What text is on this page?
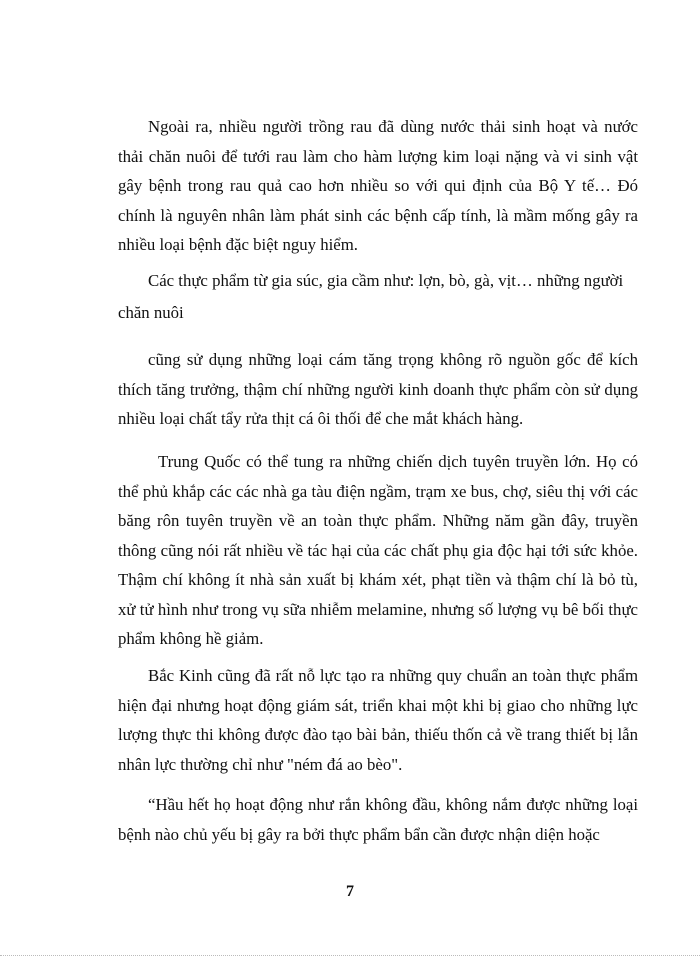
Ngoài ra, nhiều người trồng rau đã dùng nước thải sinh hoạt và nước thải chăn nuôi để tưới rau làm cho hàm lượng kim loại nặng và vi sinh vật gây bệnh trong rau quả cao hơn nhiều so với qui định của Bộ Y tế… Đó chính là nguyên nhân làm phát sinh các bệnh cấp tính, là mầm mống gây ra nhiều loại bệnh đặc biệt nguy hiểm.

Các thực phẩm từ gia súc, gia cầm như: lợn, bò, gà, vịt… những người

chăn nuôi

cũng sử dụng những loại cám tăng trọng không rõ nguồn gốc để kích thích tăng trưởng, thậm chí những người kinh doanh thực phẩm còn sử dụng nhiều loại chất tẩy rửa thịt cá ôi thối để che mắt khách hàng.

Trung Quốc có thể tung ra những chiến dịch tuyên truyền lớn. Họ có thể phủ khắp các các nhà ga tàu điện ngầm, trạm xe bus, chợ, siêu thị với các băng rôn tuyên truyền về an toàn thực phẩm. Những năm gần đây, truyền thông cũng nói rất nhiều về tác hại của các chất phụ gia độc hại tới sức khỏe. Thậm chí không ít nhà sản xuất bị khám xét, phạt tiền và thậm chí là bỏ tù, xử tử hình như trong vụ sữa nhiễm melamine, nhưng số lượng vụ bê bối thực phẩm không hề giảm.

Bắc Kinh cũng đã rất nỗ lực tạo ra những quy chuẩn an toàn thực phẩm hiện đại nhưng hoạt động giám sát, triển khai một khi bị giao cho những lực lượng thực thi không được đào tạo bài bản, thiếu thốn cả về trang thiết bị lẫn nhân lực thường chỉ như "ném đá ao bèo".

“Hầu hết họ hoạt động như rắn không đầu, không nắm được những loại bệnh nào chủ yếu bị gây ra bởi thực phẩm bẩn cần được nhận diện hoặc

7
